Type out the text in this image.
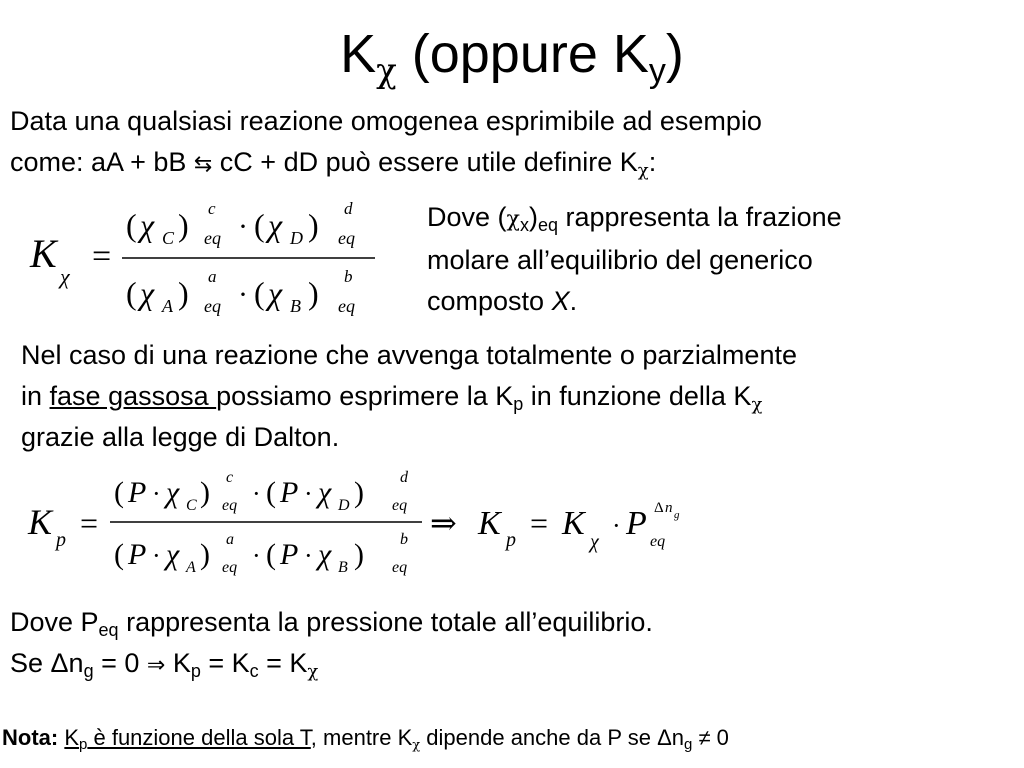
$K_\chi$ (oppure $K_y$)
Data una qualsiasi reazione omogenea esprimibile ad esempio
come: aA + bB ⇆ cC + dD può essere utile definire $K_\chi$:
K
χ
=
( χ C ) c
eq · ( χ D ) d
eq
( χ A ) a
eq · ( χ B ) b
eq
Dove $(\chi_x)_{eq}$ rappresenta la frazione
molare all’equilibrio del generico
composto X.
Nel caso di una reazione che avvenga totalmente o parzialmente
in fase gassosa possiamo esprimere la $K_p$ in funzione della $K_\chi$
grazie alla legge di Dalton.
K p =
( P · χ C ) c
eq · ( P · χ D ) d
eq
( P · χ A ) a
eq · ( P · χ B ) b
eq
⇒ K p = K χ
· P eq
Δ n g
Dove $P_{eq}$ rappresenta la pressione totale all’equilibrio.
Se $\Delta n_g = 0$ ⇒ $K_p = K_c = K_\chi$
Nota: $K_p$ è funzione della sola T, mentre $K_\chi$ dipende anche da P se $\Delta n_g \ne 0$
